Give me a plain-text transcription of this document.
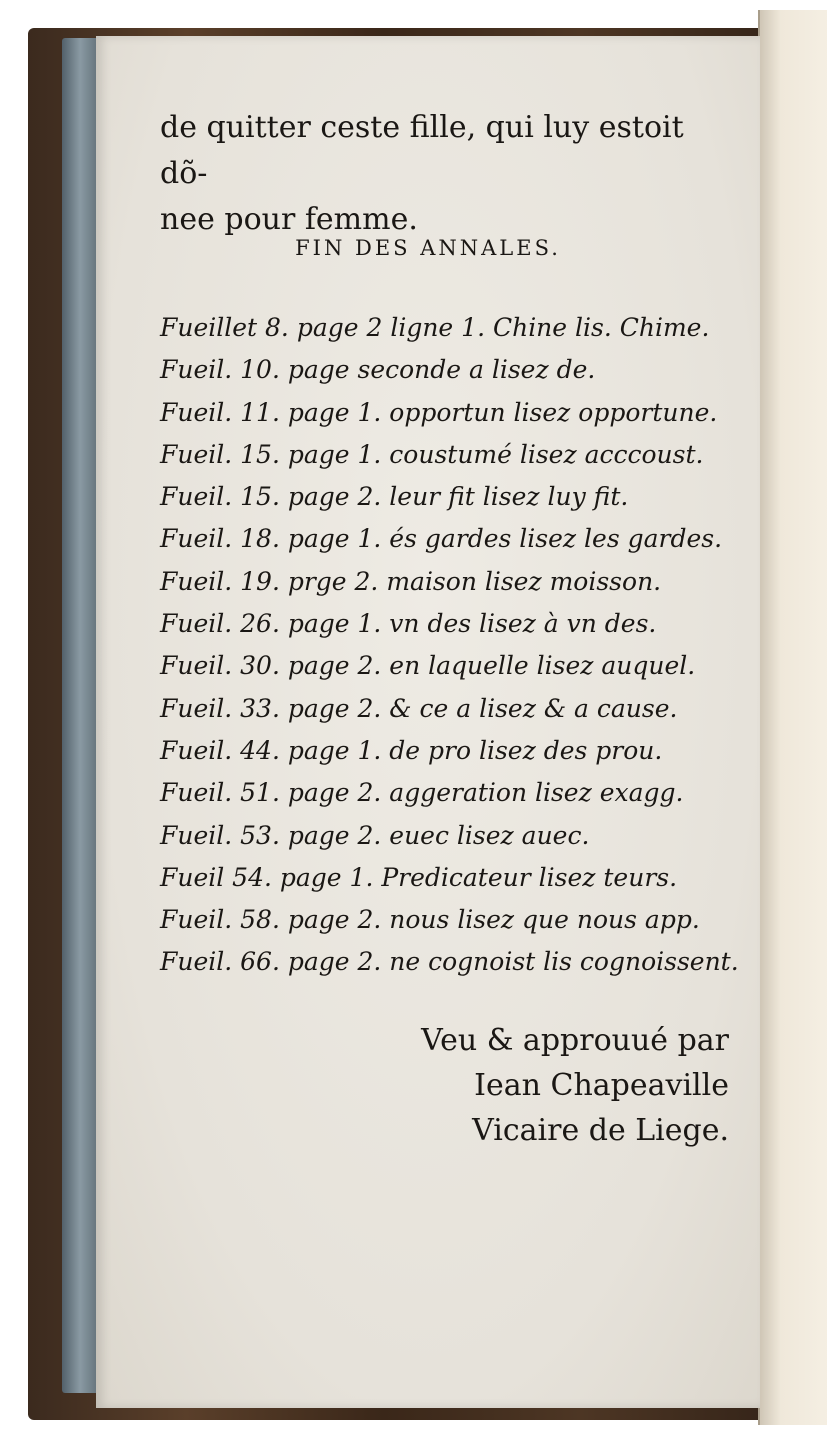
de quitter ceste fille, qui luy estoit dõ-
nee pour femme.
FIN DES ANNALES.
Fueillet 8. page 2 ligne 1. Chine lis. Chime.
Fueil. 10. page seconde a lisez de.
Fueil. 11. page 1. opportun lisez opportune.
Fueil. 15. page 1. coustumé lisez acccoust.
Fueil. 15. page 2. leur fit lisez luy fit.
Fueil. 18. page 1. és gardes lisez les gardes.
Fueil. 19. prge 2. maison lisez moisson.
Fueil. 26. page 1. vn des lisez à vn des.
Fueil. 30. page 2. en laquelle lisez auquel.
Fueil. 33. page 2. & ce a lisez & a cause.
Fueil. 44. page 1. de pro lisez des prou.
Fueil. 51. page 2. aggeration lisez exagg.
Fueil. 53. page 2. euec lisez auec.
Fueil 54. page 1. Predicateur lisez teurs.
Fueil. 58. page 2. nous lisez que nous app.
Fueil. 66. page 2. ne cognoist lis cognoissent.
Veu & approuué par
Iean Chapeaville
Vicaire de Liege.
